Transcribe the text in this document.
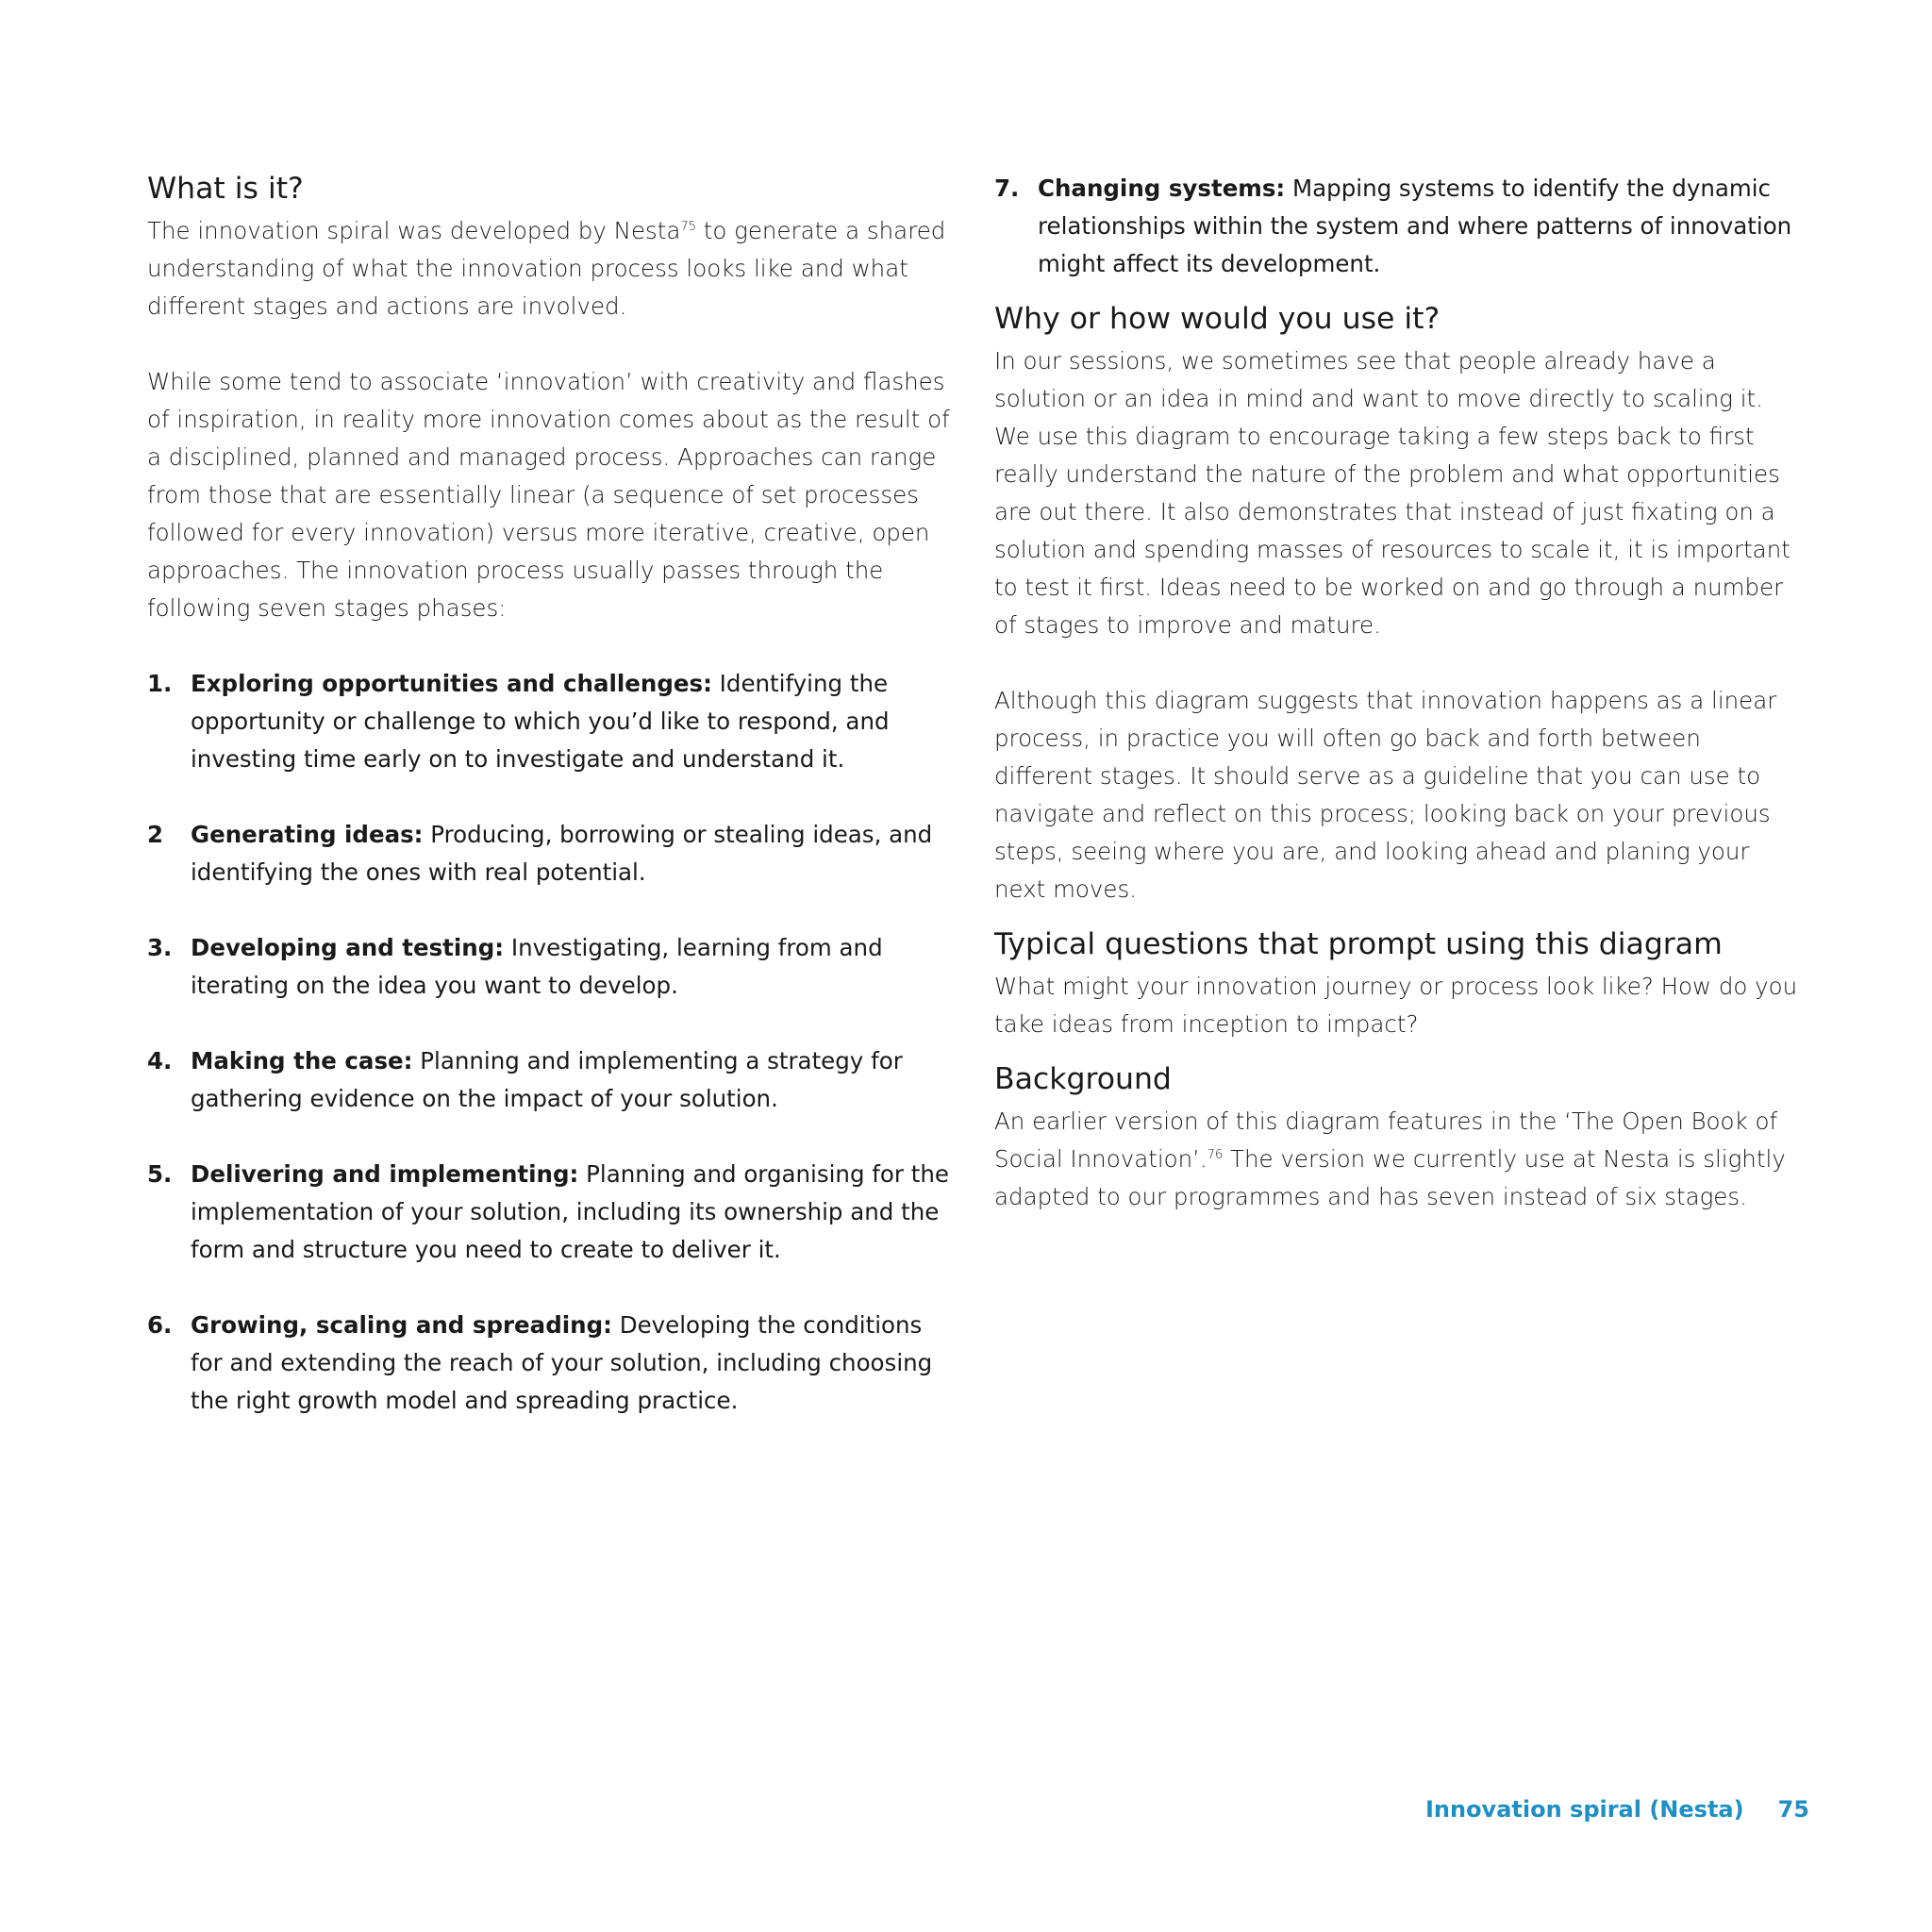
What is it?

The innovation spiral was developed by Nesta$^{75}$ to generate a shared understanding of what the innovation process looks like and what different stages and actions are involved.

While some tend to associate ‘innovation’ with creativity and flashes of inspiration, in reality more innovation comes about as the result of a disciplined, planned and managed process. Approaches can range from those that are essentially linear (a sequence of set processes followed for every innovation) versus more iterative, creative, open approaches. The innovation process usually passes through the following seven stages phases:

1. Exploring opportunities and challenges: Identifying the opportunity or challenge to which you’d like to respond, and investing time early on to investigate and understand it.
2 Generating ideas: Producing, borrowing or stealing ideas, and identifying the ones with real potential.
3. Developing and testing: Investigating, learning from and iterating on the idea you want to develop.
4. Making the case: Planning and implementing a strategy for gathering evidence on the impact of your solution.
5. Delivering and implementing: Planning and organising for the implementation of your solution, including its ownership and the form and structure you need to create to deliver it.
6. Growing, scaling and spreading: Developing the conditions for and extending the reach of your solution, including choosing the right growth model and spreading practice.
7. Changing systems: Mapping systems to identify the dynamic relationships within the system and where patterns of innovation might affect its development.
Why or how would you use it?

In our sessions, we sometimes see that people already have a solution or an idea in mind and want to move directly to scaling it. We use this diagram to encourage taking a few steps back to first really understand the nature of the problem and what opportunities are out there. It also demonstrates that instead of just fixating on a solution and spending masses of resources to scale it, it is important to test it first. Ideas need to be worked on and go through a number of stages to improve and mature.

Although this diagram suggests that innovation happens as a linear process, in practice you will often go back and forth between different stages. It should serve as a guideline that you can use to navigate and reflect on this process; looking back on your previous steps, seeing where you are, and looking ahead and planing your next moves.

Typical questions that prompt using this diagram

What might your innovation journey or process look like? How do you take ideas from inception to impact?

Background

An earlier version of this diagram features in the ‘The Open Book of Social Innovation’.$^{76}$ The version we currently use at Nesta is slightly adapted to our programmes and has seven instead of six stages.

Innovation spiral (Nesta) 75
